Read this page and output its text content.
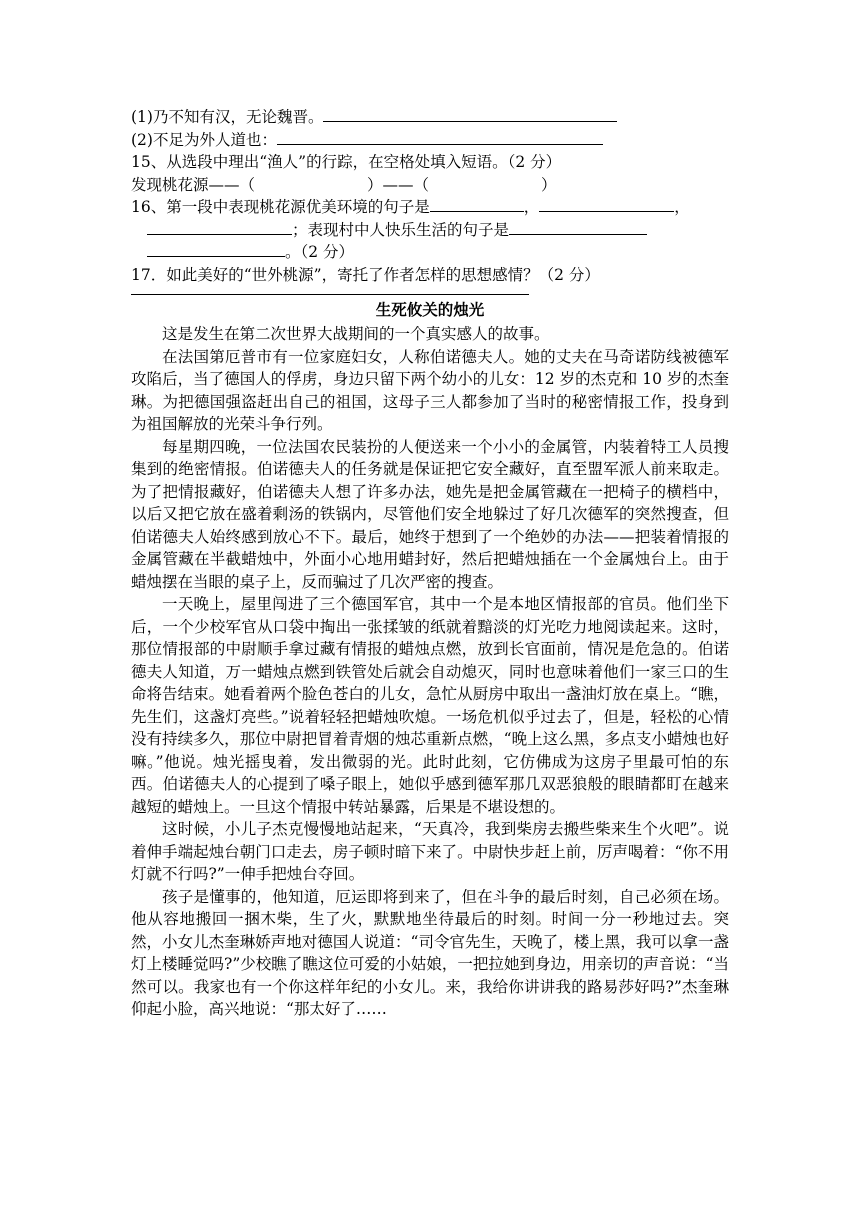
(1)乃不知有汉，无论魏晋。
(2)不足为外人道也：
15、从选段中理出“渔人”的行踪，在空格处填入短语。（2 分）
发现桃花源——（	）——（	）
16、第一段中表现桃花源优美环境的句子是	，	，
；表现村中人快乐生活的句子是
。（2 分）
17．如此美好的“世外桃源”，寄托了作者怎样的思想感情？（2 分）
生死攸关的烛光

这是发生在第二次世界大战期间的一个真实感人的故事。

在法国第厄普市有一位家庭妇女，人称伯诺德夫人。她的丈夫在马奇诺防线被德军攻陷后，当了德国人的俘虏，身边只留下两个幼小的儿女：12 岁的杰克和 10 岁的杰奎琳。为把德国强盗赶出自己的祖国，这母子三人都参加了当时的秘密情报工作，投身到为祖国解放的光荣斗争行列。

每星期四晚，一位法国农民装扮的人便送来一个小小的金属管，内装着特工人员搜集到的绝密情报。伯诺德夫人的任务就是保证把它安全藏好，直至盟军派人前来取走。为了把情报藏好，伯诺德夫人想了许多办法，她先是把金属管藏在一把椅子的横档中，以后又把它放在盛着剩汤的铁锅内，尽管他们安全地躲过了好几次德军的突然搜查，但伯诺德夫人始终感到放心不下。最后，她终于想到了一个绝妙的办法——把装着情报的金属管藏在半截蜡烛中，外面小心地用蜡封好，然后把蜡烛插在一个金属烛台上。由于蜡烛摆在当眼的桌子上，反而骗过了几次严密的搜查。

一天晚上，屋里闯进了三个德国军官，其中一个是本地区情报部的官员。他们坐下后，一个少校军官从口袋中掏出一张揉皱的纸就着黯淡的灯光吃力地阅读起来。这时，那位情报部的中尉顺手拿过藏有情报的蜡烛点燃，放到长官面前，情况是危急的。伯诺德夫人知道，万一蜡烛点燃到铁管处后就会自动熄灭，同时也意味着他们一家三口的生命将告结束。她看着两个脸色苍白的儿女，急忙从厨房中取出一盏油灯放在桌上。“瞧，先生们，这盏灯亮些。”说着轻轻把蜡烛吹熄。一场危机似乎过去了，但是，轻松的心情没有持续多久，那位中尉把冒着青烟的烛芯重新点燃，“晚上这么黑，多点支小蜡烛也好嘛。”他说。烛光摇曳着，发出微弱的光。此时此刻，它仿佛成为这房子里最可怕的东西。伯诺德夫人的心提到了嗓子眼上，她似乎感到德军那几双恶狼般的眼睛都盯在越来越短的蜡烛上。一旦这个情报中转站暴露，后果是不堪设想的。

这时候，小儿子杰克慢慢地站起来，“天真冷，我到柴房去搬些柴来生个火吧”。说着伸手端起烛台朝门口走去，房子顿时暗下来了。中尉快步赶上前，厉声喝着：“你不用灯就不行吗?”一伸手把烛台夺回。

孩子是懂事的，他知道，厄运即将到来了，但在斗争的最后时刻，自己必须在场。他从容地搬回一捆木柴，生了火，默默地坐待最后的时刻。时间一分一秒地过去。突然，小女儿杰奎琳娇声地对德国人说道：“司令官先生，天晚了，楼上黑，我可以拿一盏灯上楼睡觉吗?”少校瞧了瞧这位可爱的小姑娘，一把拉她到身边，用亲切的声音说：“当然可以。我家也有一个你这样年纪的小女儿。来，我给你讲讲我的路易莎好吗?”杰奎琳仰起小脸，高兴地说：“那太好了……
